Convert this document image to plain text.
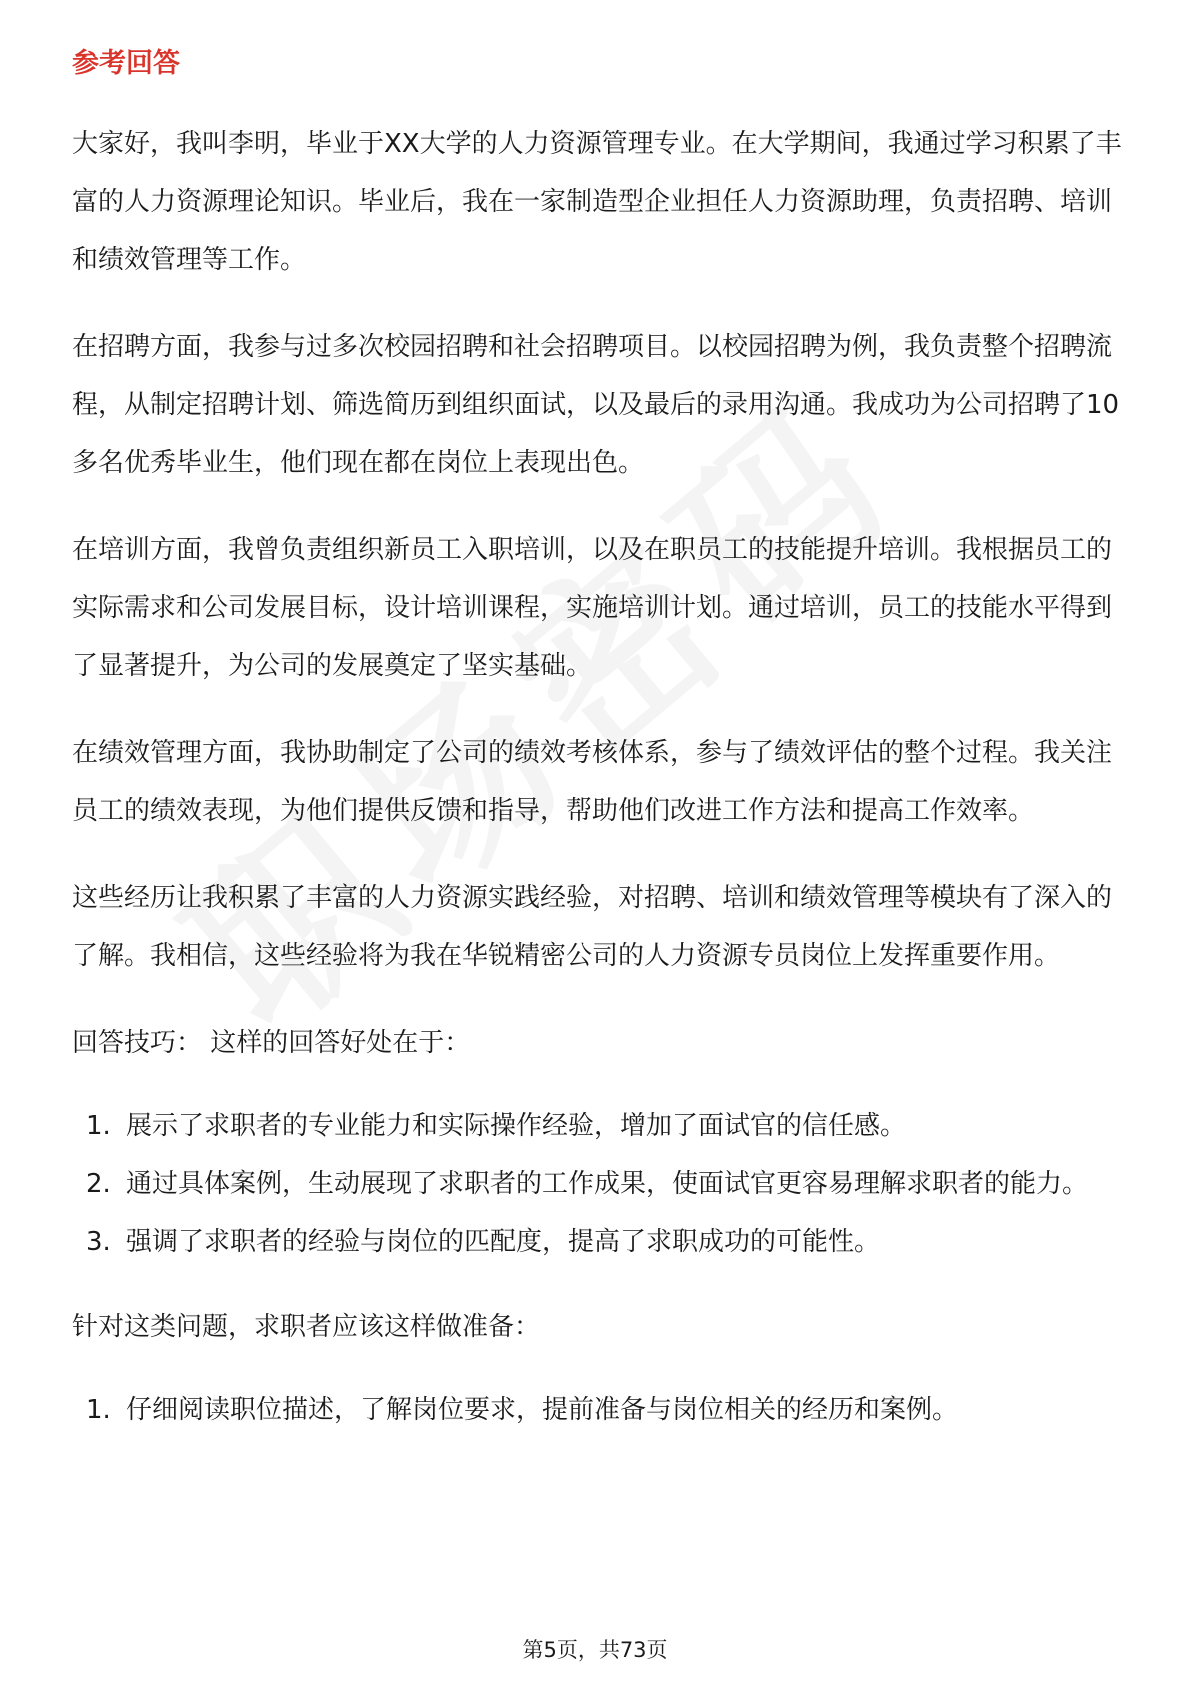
参考回答

大家好，我叫李明，毕业于XX大学的人力资源管理专业。在大学期间，我通过学习积累了丰富的人力资源理论知识。毕业后，我在一家制造型企业担任人力资源助理，负责招聘、培训和绩效管理等工作。

在招聘方面，我参与过多次校园招聘和社会招聘项目。以校园招聘为例，我负责整个招聘流程，从制定招聘计划、筛选简历到组织面试，以及最后的录用沟通。我成功为公司招聘了10多名优秀毕业生，他们现在都在岗位上表现出色。

在培训方面，我曾负责组织新员工入职培训，以及在职员工的技能提升培训。我根据员工的实际需求和公司发展目标，设计培训课程，实施培训计划。通过培训，员工的技能水平得到了显著提升，为公司的发展奠定了坚实基础。

在绩效管理方面，我协助制定了公司的绩效考核体系，参与了绩效评估的整个过程。我关注员工的绩效表现，为他们提供反馈和指导，帮助他们改进工作方法和提高工作效率。

这些经历让我积累了丰富的人力资源实践经验，对招聘、培训和绩效管理等模块有了深入的了解。我相信，这些经验将为我在华锐精密公司的人力资源专员岗位上发挥重要作用。

回答技巧： 这样的回答好处在于：

1. 展示了求职者的专业能力和实际操作经验，增加了面试官的信任感。
2. 通过具体案例，生动展现了求职者的工作成果，使面试官更容易理解求职者的能力。
3. 强调了求职者的经验与岗位的匹配度，提高了求职成功的可能性。

针对这类问题，求职者应该这样做准备：

1. 仔细阅读职位描述，了解岗位要求，提前准备与岗位相关的经历和案例。
第5页，共73页
